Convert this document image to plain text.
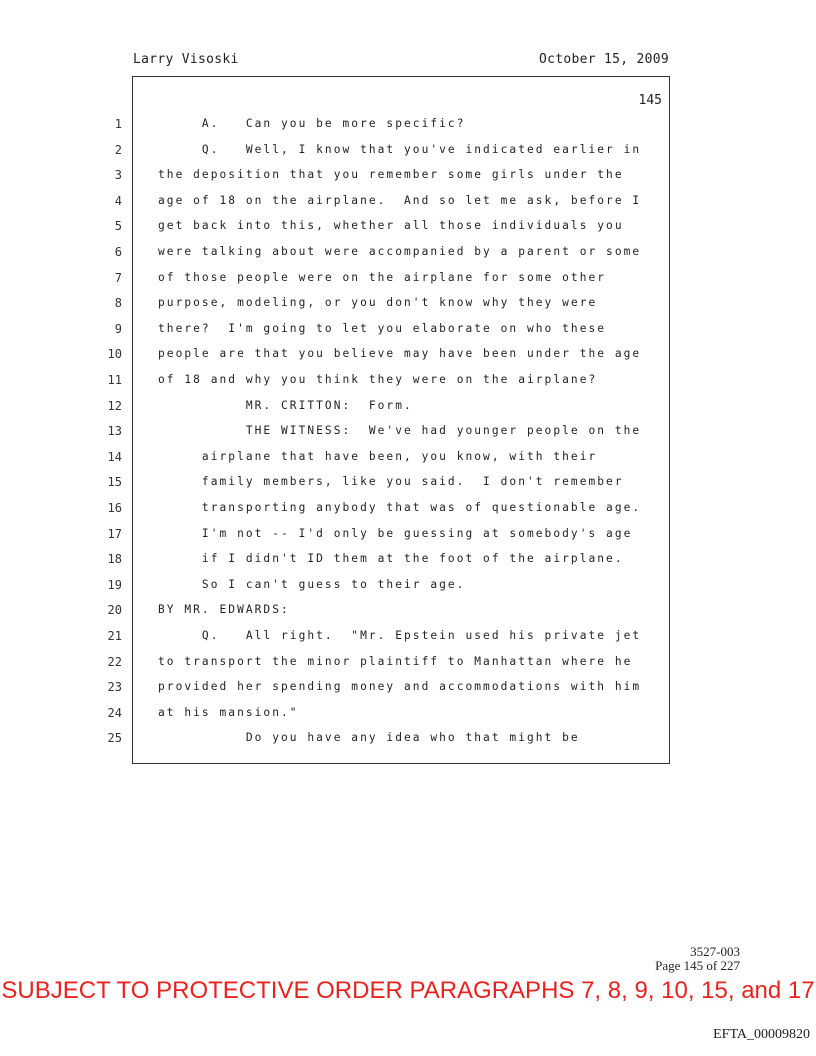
Larry Visoski	October 15, 2009
145
1	A.   Can you be more specific?
2	Q.   Well, I know that you've indicated earlier in
3	the deposition that you remember some girls under the
4	age of 18 on the airplane.  And so let me ask, before I
5	get back into this, whether all those individuals you
6	were talking about were accompanied by a parent or some
7	of those people were on the airplane for some other
8	purpose, modeling, or you don't know why they were
9	there?  I'm going to let you elaborate on who these
10	people are that you believe may have been under the age
11	of 18 and why you think they were on the airplane?
12	MR. CRITTON:  Form.
13	THE WITNESS:  We've had younger people on the
14	airplane that have been, you know, with their
15	family members, like you said.  I don't remember
16	transporting anybody that was of questionable age.
17	I'm not -- I'd only be guessing at somebody's age
18	if I didn't ID them at the foot of the airplane.
19	So I can't guess to their age.
20	BY MR. EDWARDS:
21	Q.   All right.  "Mr. Epstein used his private jet
22	to transport the minor plaintiff to Manhattan where he
23	provided her spending money and accommodations with him
24	at his mansion."
25	Do you have any idea who that might be
3527-003
Page 145 of 227
SUBJECT TO PROTECTIVE ORDER PARAGRAPHS 7, 8, 9, 10, 15, and 17
EFTA_00009820
